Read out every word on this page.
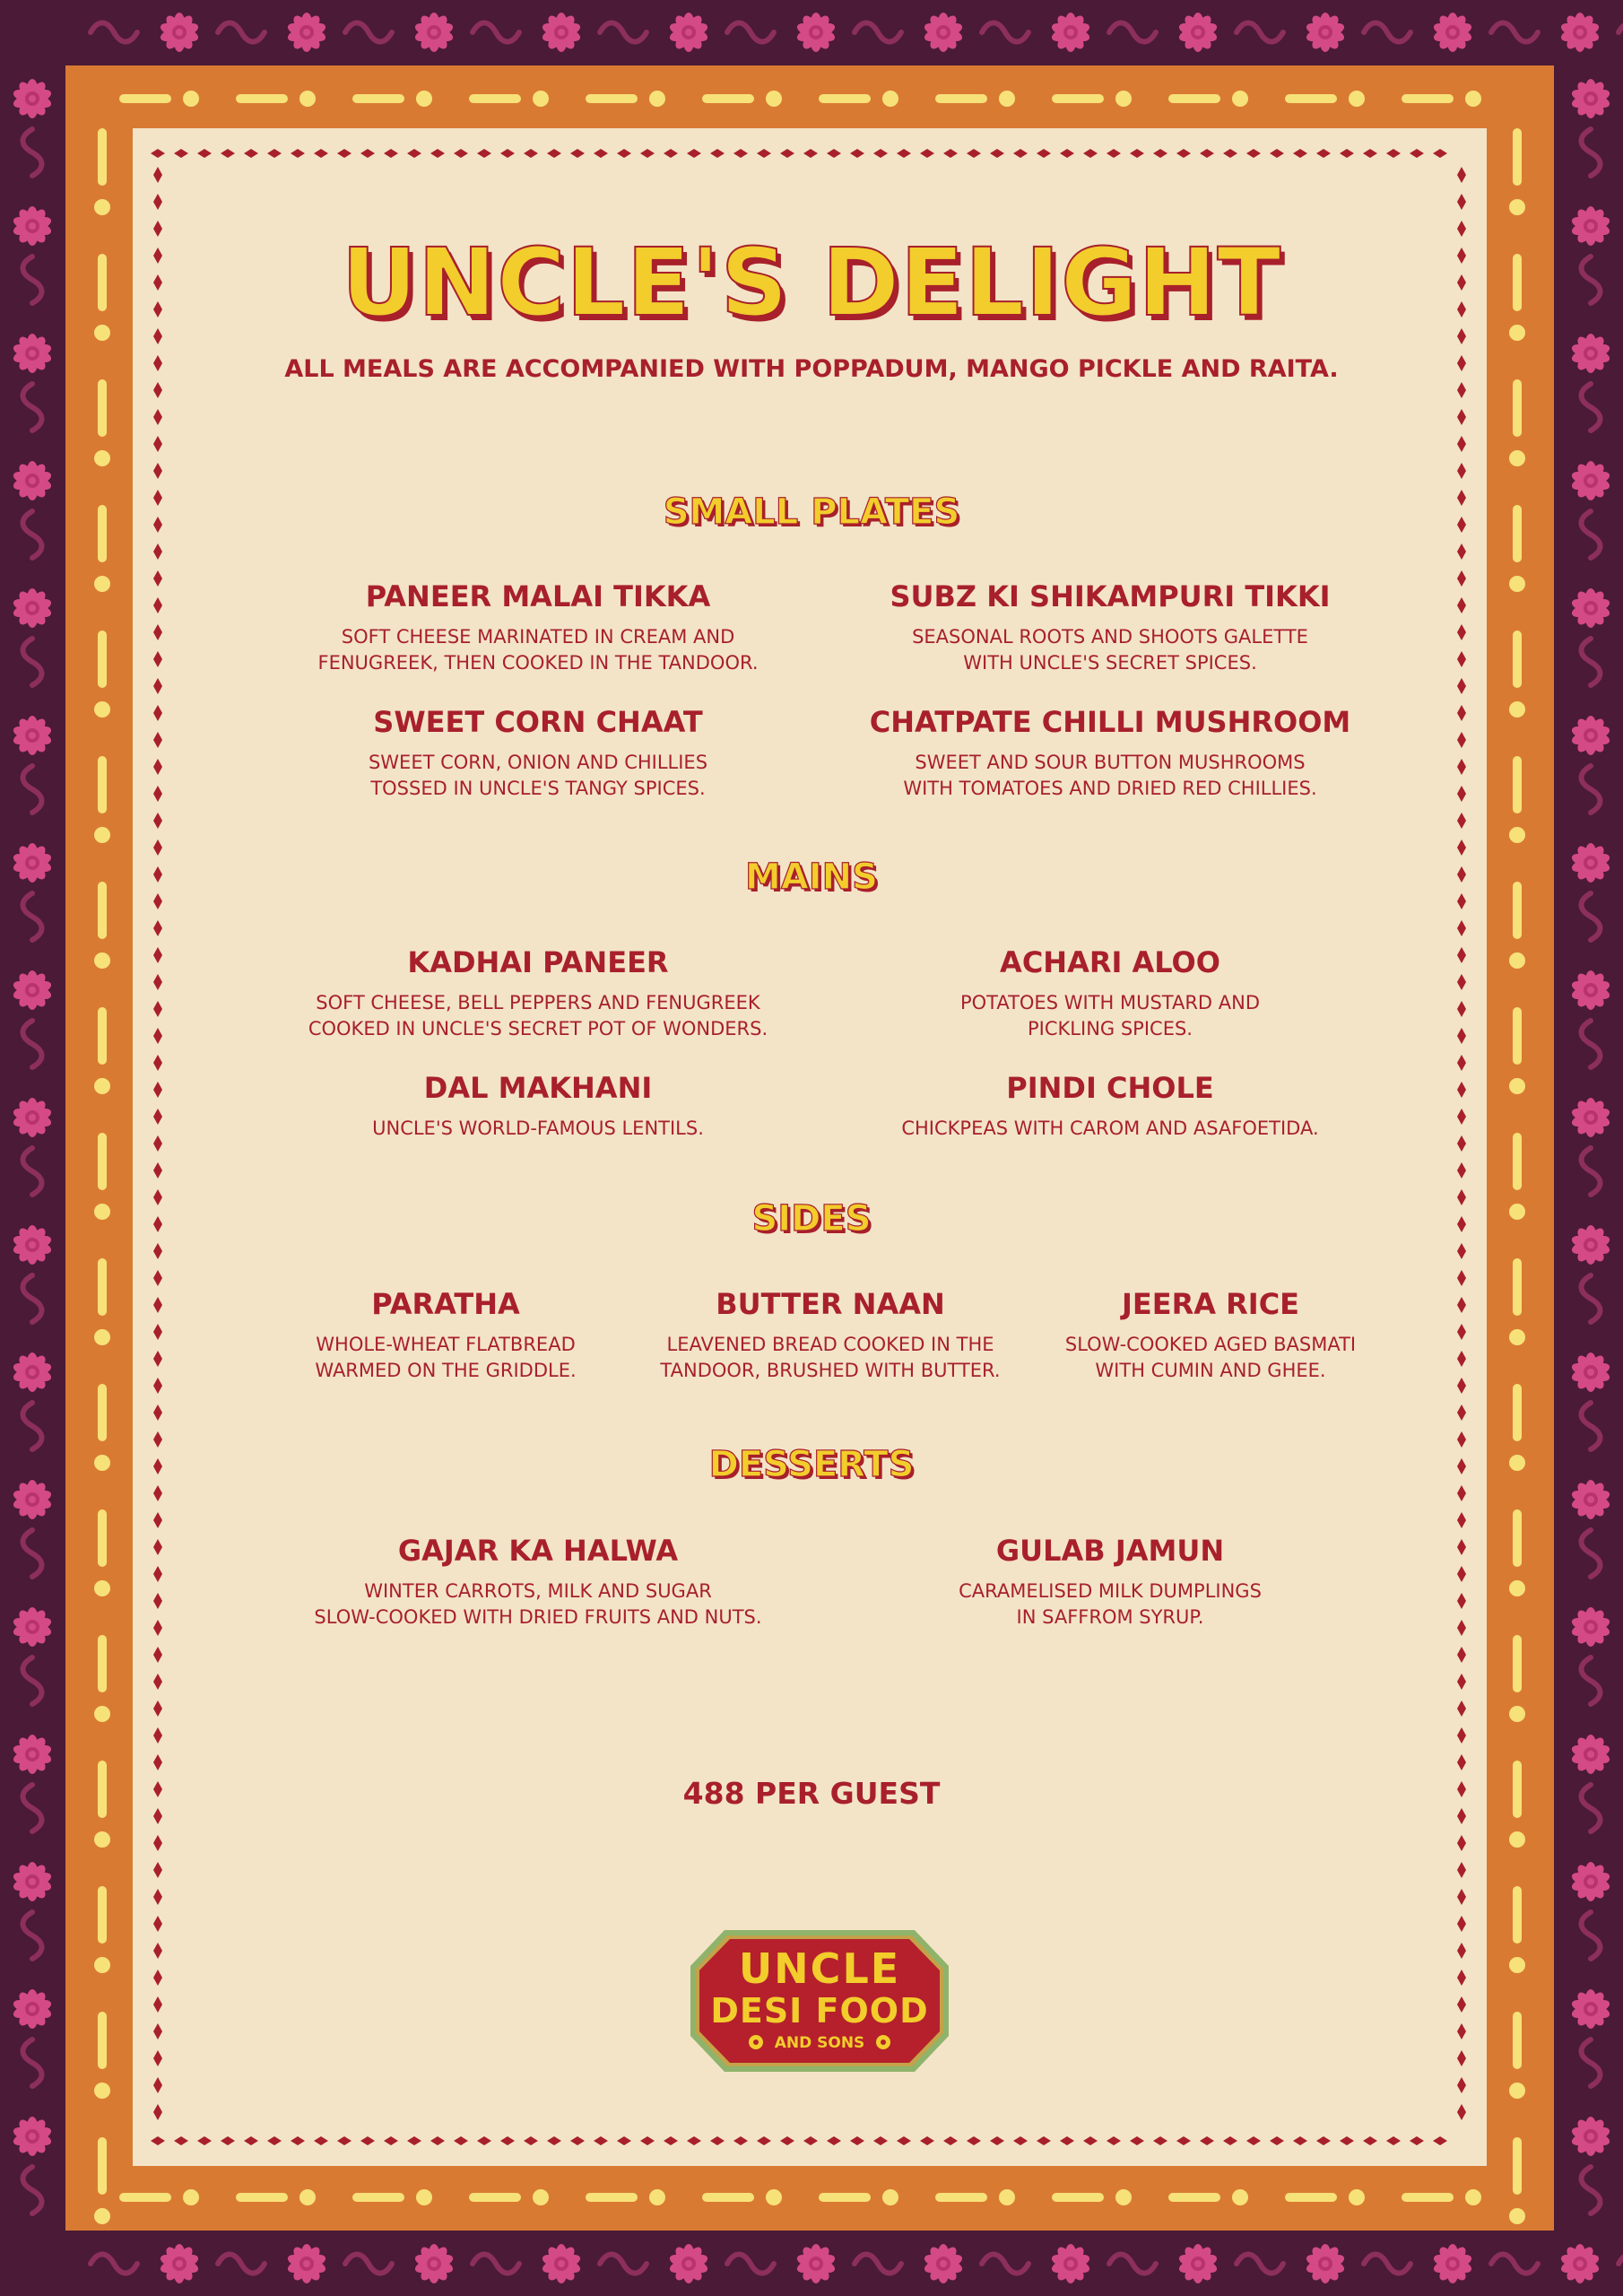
UNCLE'S DELIGHT
ALL MEALS ARE ACCOMPANIED WITH POPPADUM, MANGO PICKLE AND RAITA.
SMALL PLATES
PANEER MALAI TIKKA
SOFT CHEESE MARINATED IN CREAM AND
FENUGREEK, THEN COOKED IN THE TANDOOR.
SUBZ KI SHIKAMPURI TIKKI
SEASONAL ROOTS AND SHOOTS GALETTE
WITH UNCLE'S SECRET SPICES.
SWEET CORN CHAAT
SWEET CORN, ONION AND CHILLIES
TOSSED IN UNCLE'S TANGY SPICES.
CHATPATE CHILLI MUSHROOM
SWEET AND SOUR BUTTON MUSHROOMS
WITH TOMATOES AND DRIED RED CHILLIES.
MAINS
KADHAI PANEER
SOFT CHEESE, BELL PEPPERS AND FENUGREEK
COOKED IN UNCLE'S SECRET POT OF WONDERS.
ACHARI ALOO
POTATOES WITH MUSTARD AND
PICKLING SPICES.
DAL MAKHANI
UNCLE'S WORLD-FAMOUS LENTILS.
PINDI CHOLE
CHICKPEAS WITH CAROM AND ASAFOETIDA.
SIDES
PARATHA
WHOLE-WHEAT FLATBREAD
WARMED ON THE GRIDDLE.
BUTTER NAAN
LEAVENED BREAD COOKED IN THE
TANDOOR, BRUSHED WITH BUTTER.
JEERA RICE
SLOW-COOKED AGED BASMATI
WITH CUMIN AND GHEE.
DESSERTS
GAJAR KA HALWA
WINTER CARROTS, MILK AND SUGAR
SLOW-COOKED WITH DRIED FRUITS AND NUTS.
GULAB JAMUN
CARAMELISED MILK DUMPLINGS
IN SAFFROM SYRUP.
488 PER GUEST
UNCLE
DESI FOOD
AND SONS
